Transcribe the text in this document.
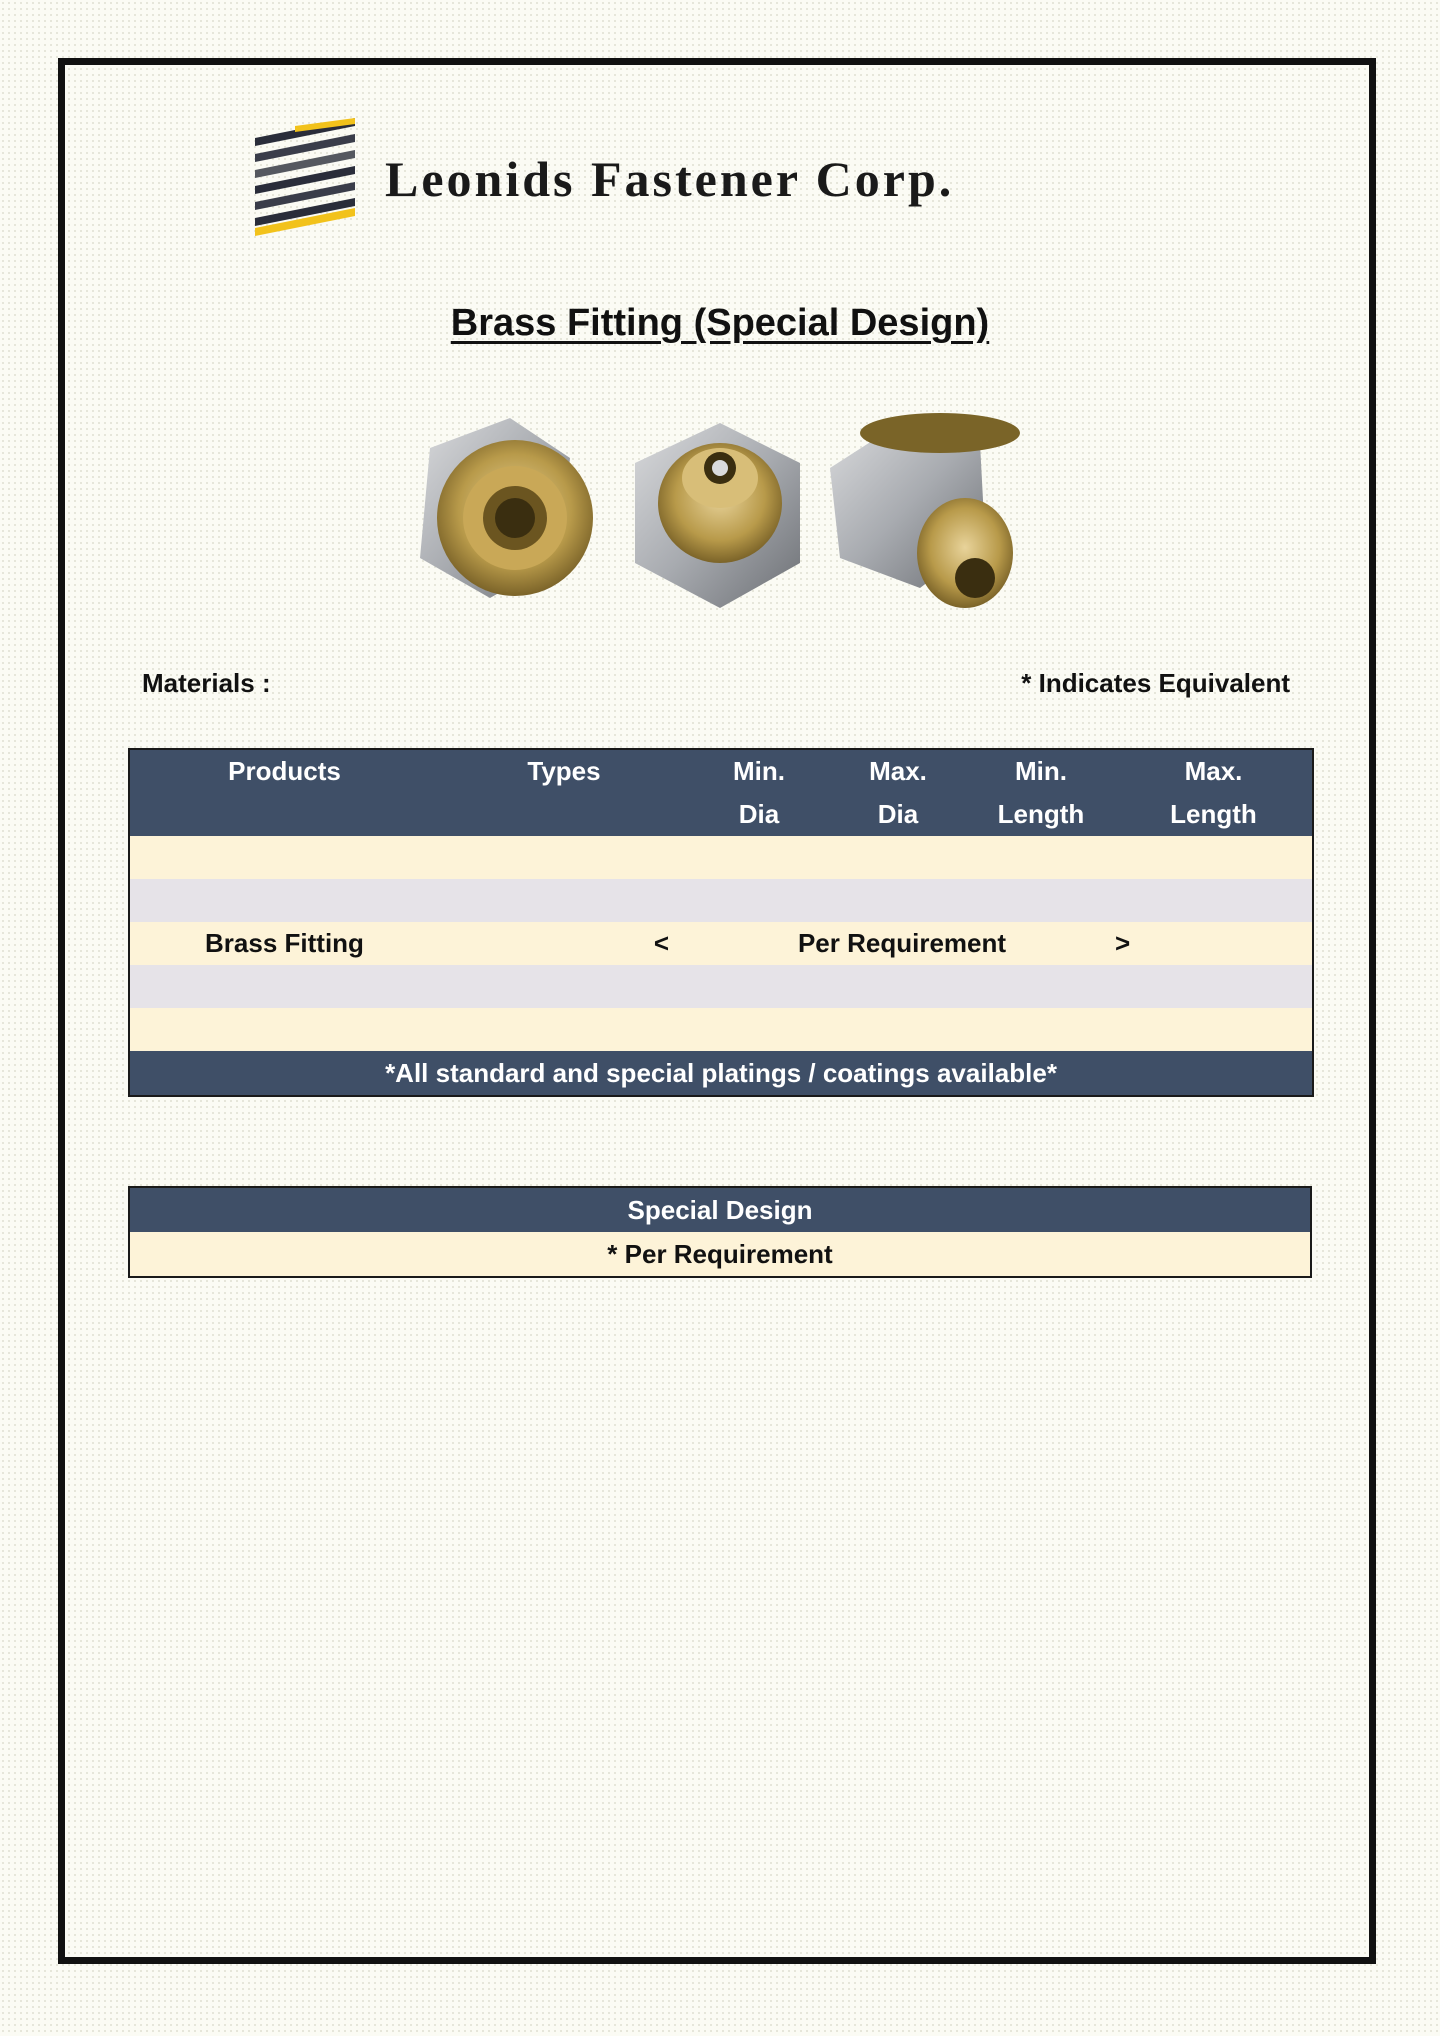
Leonids Fastener Corp.
Brass Fitting (Special Design)
Materials :	* Indicates Equivalent
Products	Types	Min.	Max.	Min.	Max.
		Dia	Dia	Length	Length

Brass Fitting	<	Per Requirement			>

*All standard and special platings / coatings available*					
Special Design
* Per Requirement
